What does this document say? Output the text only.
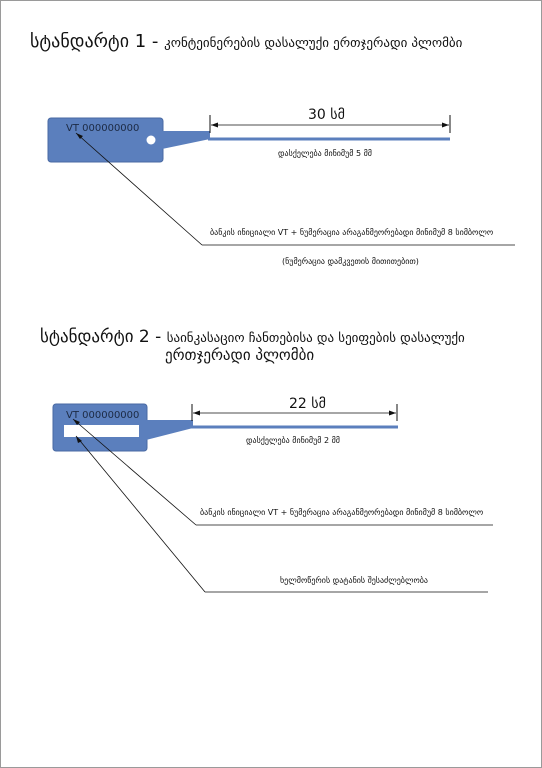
სტანდარტი 1 - კონტეინერების დასალუქი ერთჯერადი პლომბი
VT 000000000
30 სმ
დასქელება მინიმუმ 5 მმ
ბანკის ინიციალი VT + ნუმერაცია არაგანმეორებადი მინიმუმ 8 სიმბოლო
(ნუმერაცია დამკვეთის მითითებით)
სტანდარტი 2 - საინკასაციო ჩანთებისა და სეიფების დასალუქი
ერთჯერადი პლომბი
VT 000000000
22 სმ
დასქელება მინიმუმ 2 მმ
ბანკის ინიციალი VT + ნუმერაცია არაგანმეორებადი მინიმუმ 8 სიმბოლო
ხელმოწერის დატანის შესაძლებლობა
